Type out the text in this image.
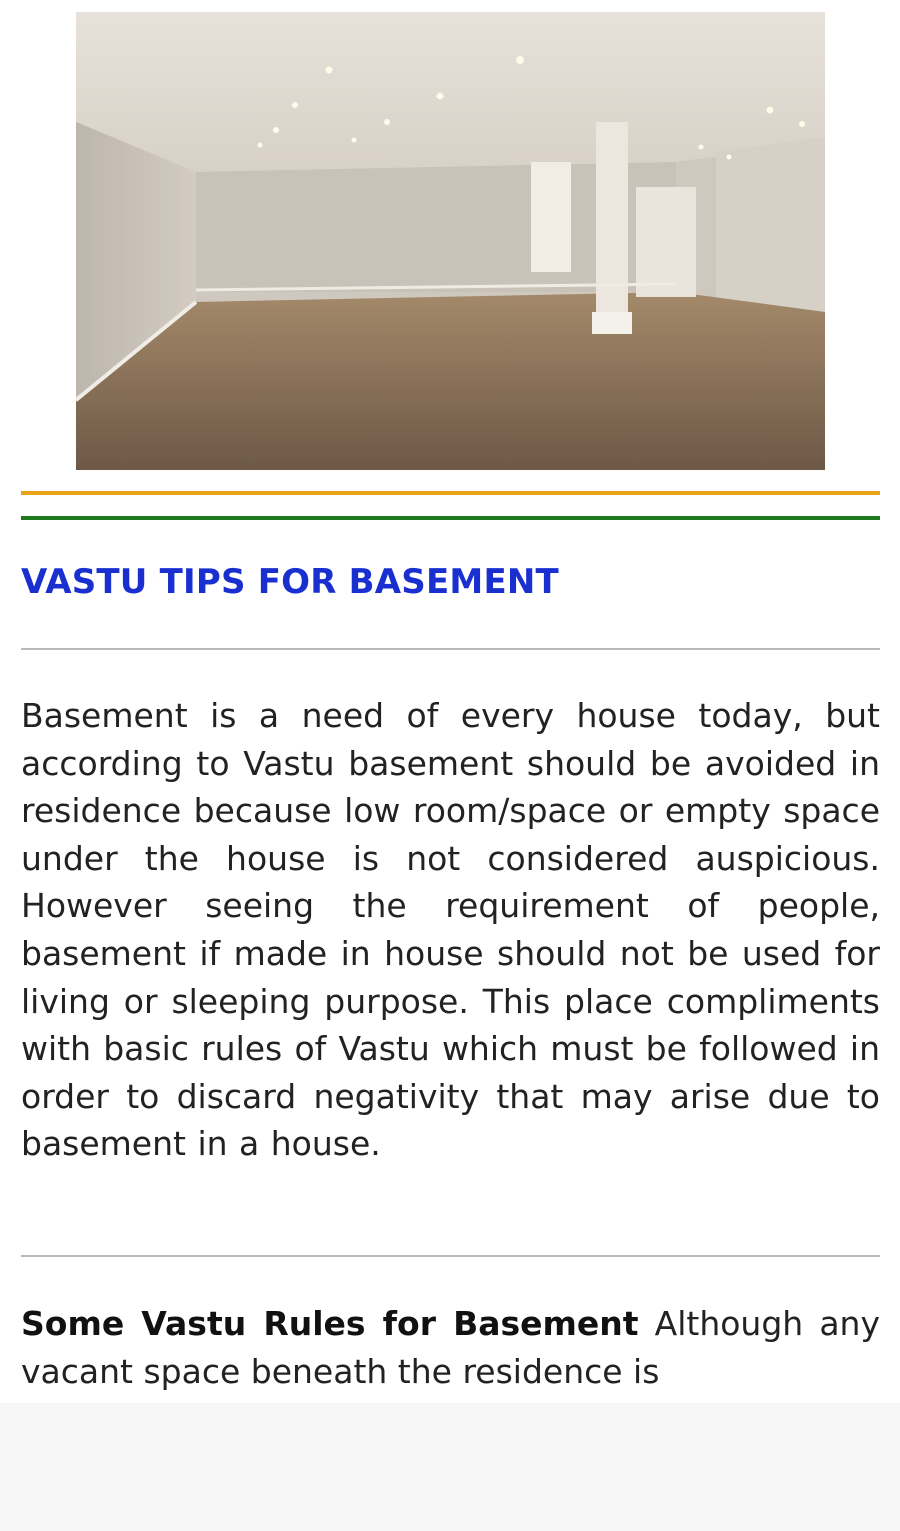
VASTU TIPS FOR BASEMENT

Basement is a need of every house today, but according to Vastu basement should be avoided in residence because low room/space or empty space under the house is not considered auspicious. However seeing the requirement of people, basement if made in house should not be used for living or sleeping purpose. This place compliments with basic rules of Vastu which must be followed in order to discard negativity that may arise due to basement in a house.

Some Vastu Rules for Basement Although any vacant space beneath the residence is
